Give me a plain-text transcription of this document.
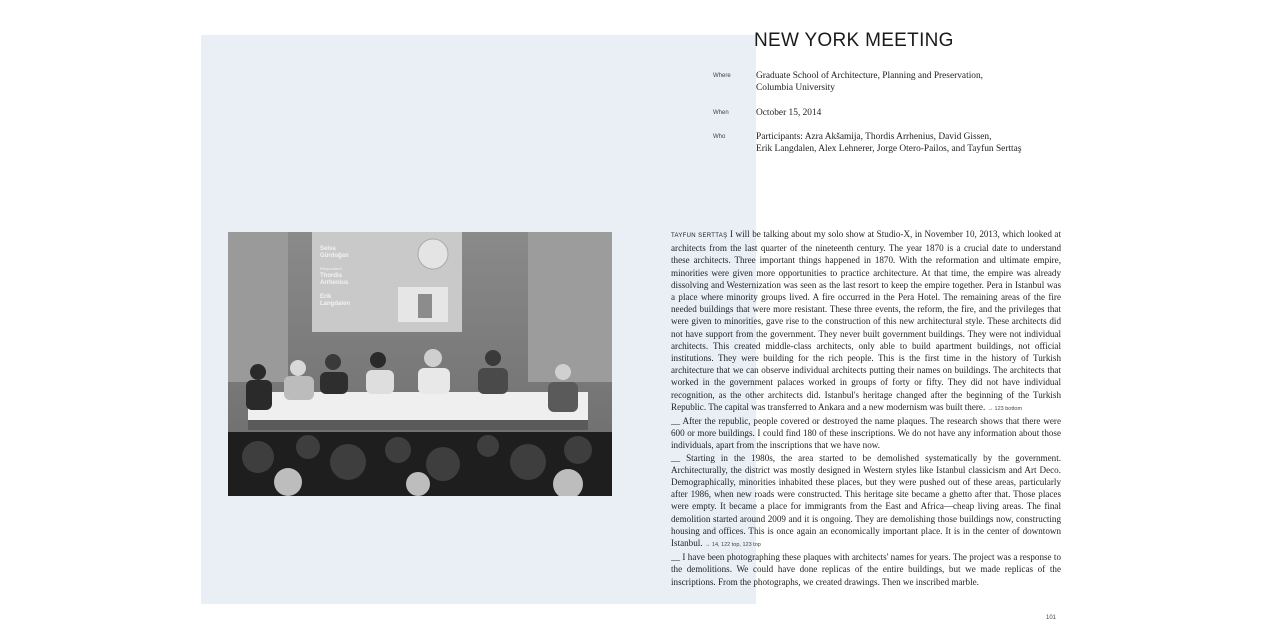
Selva
Gürdoğan
Respondent
Thordis
Arrhenius
Erik
Langdalen
NEW YORK MEETING
Where	Graduate School of Architecture, Planning and Preservation,
Columbia University
When	October 15, 2014
Who	Participants: Azra Akšamija, Thordis Arrhenius, David Gissen,
Erik Langdalen, Alex Lehnerer, Jorge Otero-Pailos, and Tayfun Serttaş

TAYFUN SERTTAŞ I will be talking about my solo show at Studio-X, in November 10, 2013, which looked at architects from the last quarter of the nineteenth century. The year 1870 is a crucial date to understand these architects. Three important things happened in 1870. With the reformation and ultimate empire, minorities were given more opportunities to practice architecture. At that time, the empire was already dissolving and Westernization was seen as the last resort to keep the empire together. Pera in Istanbul was a place where minority groups lived. A fire occurred in the Pera Hotel. The remaining areas of the fire needed buildings that were more resistant. These three events, the reform, the fire, and the privileges that were given to minorities, gave rise to the construction of this new architectural style. These architects did not have support from the government. They never built government buildings. They were not individual architects. This created middle-class architects, only able to build apartment buildings, not official institutions. They were building for the rich people. This is the first time in the history of Turkish architecture that we can observe individual architects putting their names on buildings. The architects that worked in the government palaces worked in groups of forty or fifty. They did not have individual recognition, as the other architects did. Istanbul's heritage changed after the beginning of the Turkish Republic. The capital was transferred to Ankara and a new modernism was built there. → 123 bottom

__ After the republic, people covered or destroyed the name plaques. The research shows that there were 600 or more buildings. I could find 180 of these inscriptions. We do not have any information about those individuals, apart from the inscriptions that we have now.

__ Starting in the 1980s, the area started to be demolished systematically by the government. Architecturally, the district was mostly designed in Western styles like Istanbul classicism and Art Deco. Demographically, minorities inhabited these places, but they were pushed out of these areas, particularly after 1986, when new roads were constructed. This heritage site became a ghetto after that. Those places were empty. It became a place for immigrants from the East and Africa—cheap living areas. The final demolition started around 2009 and it is ongoing. They are demolishing those buildings now, constructing housing and offices. This is once again an economically important place. It is in the center of downtown Istanbul. → 14, 122 top, 123 top

__ I have been photographing these plaques with architects' names for years. The project was a response to the demolitions. We could have done replicas of the entire buildings, but we made replicas of the inscriptions. From the photographs, we created drawings. Then we inscribed marble.

101
